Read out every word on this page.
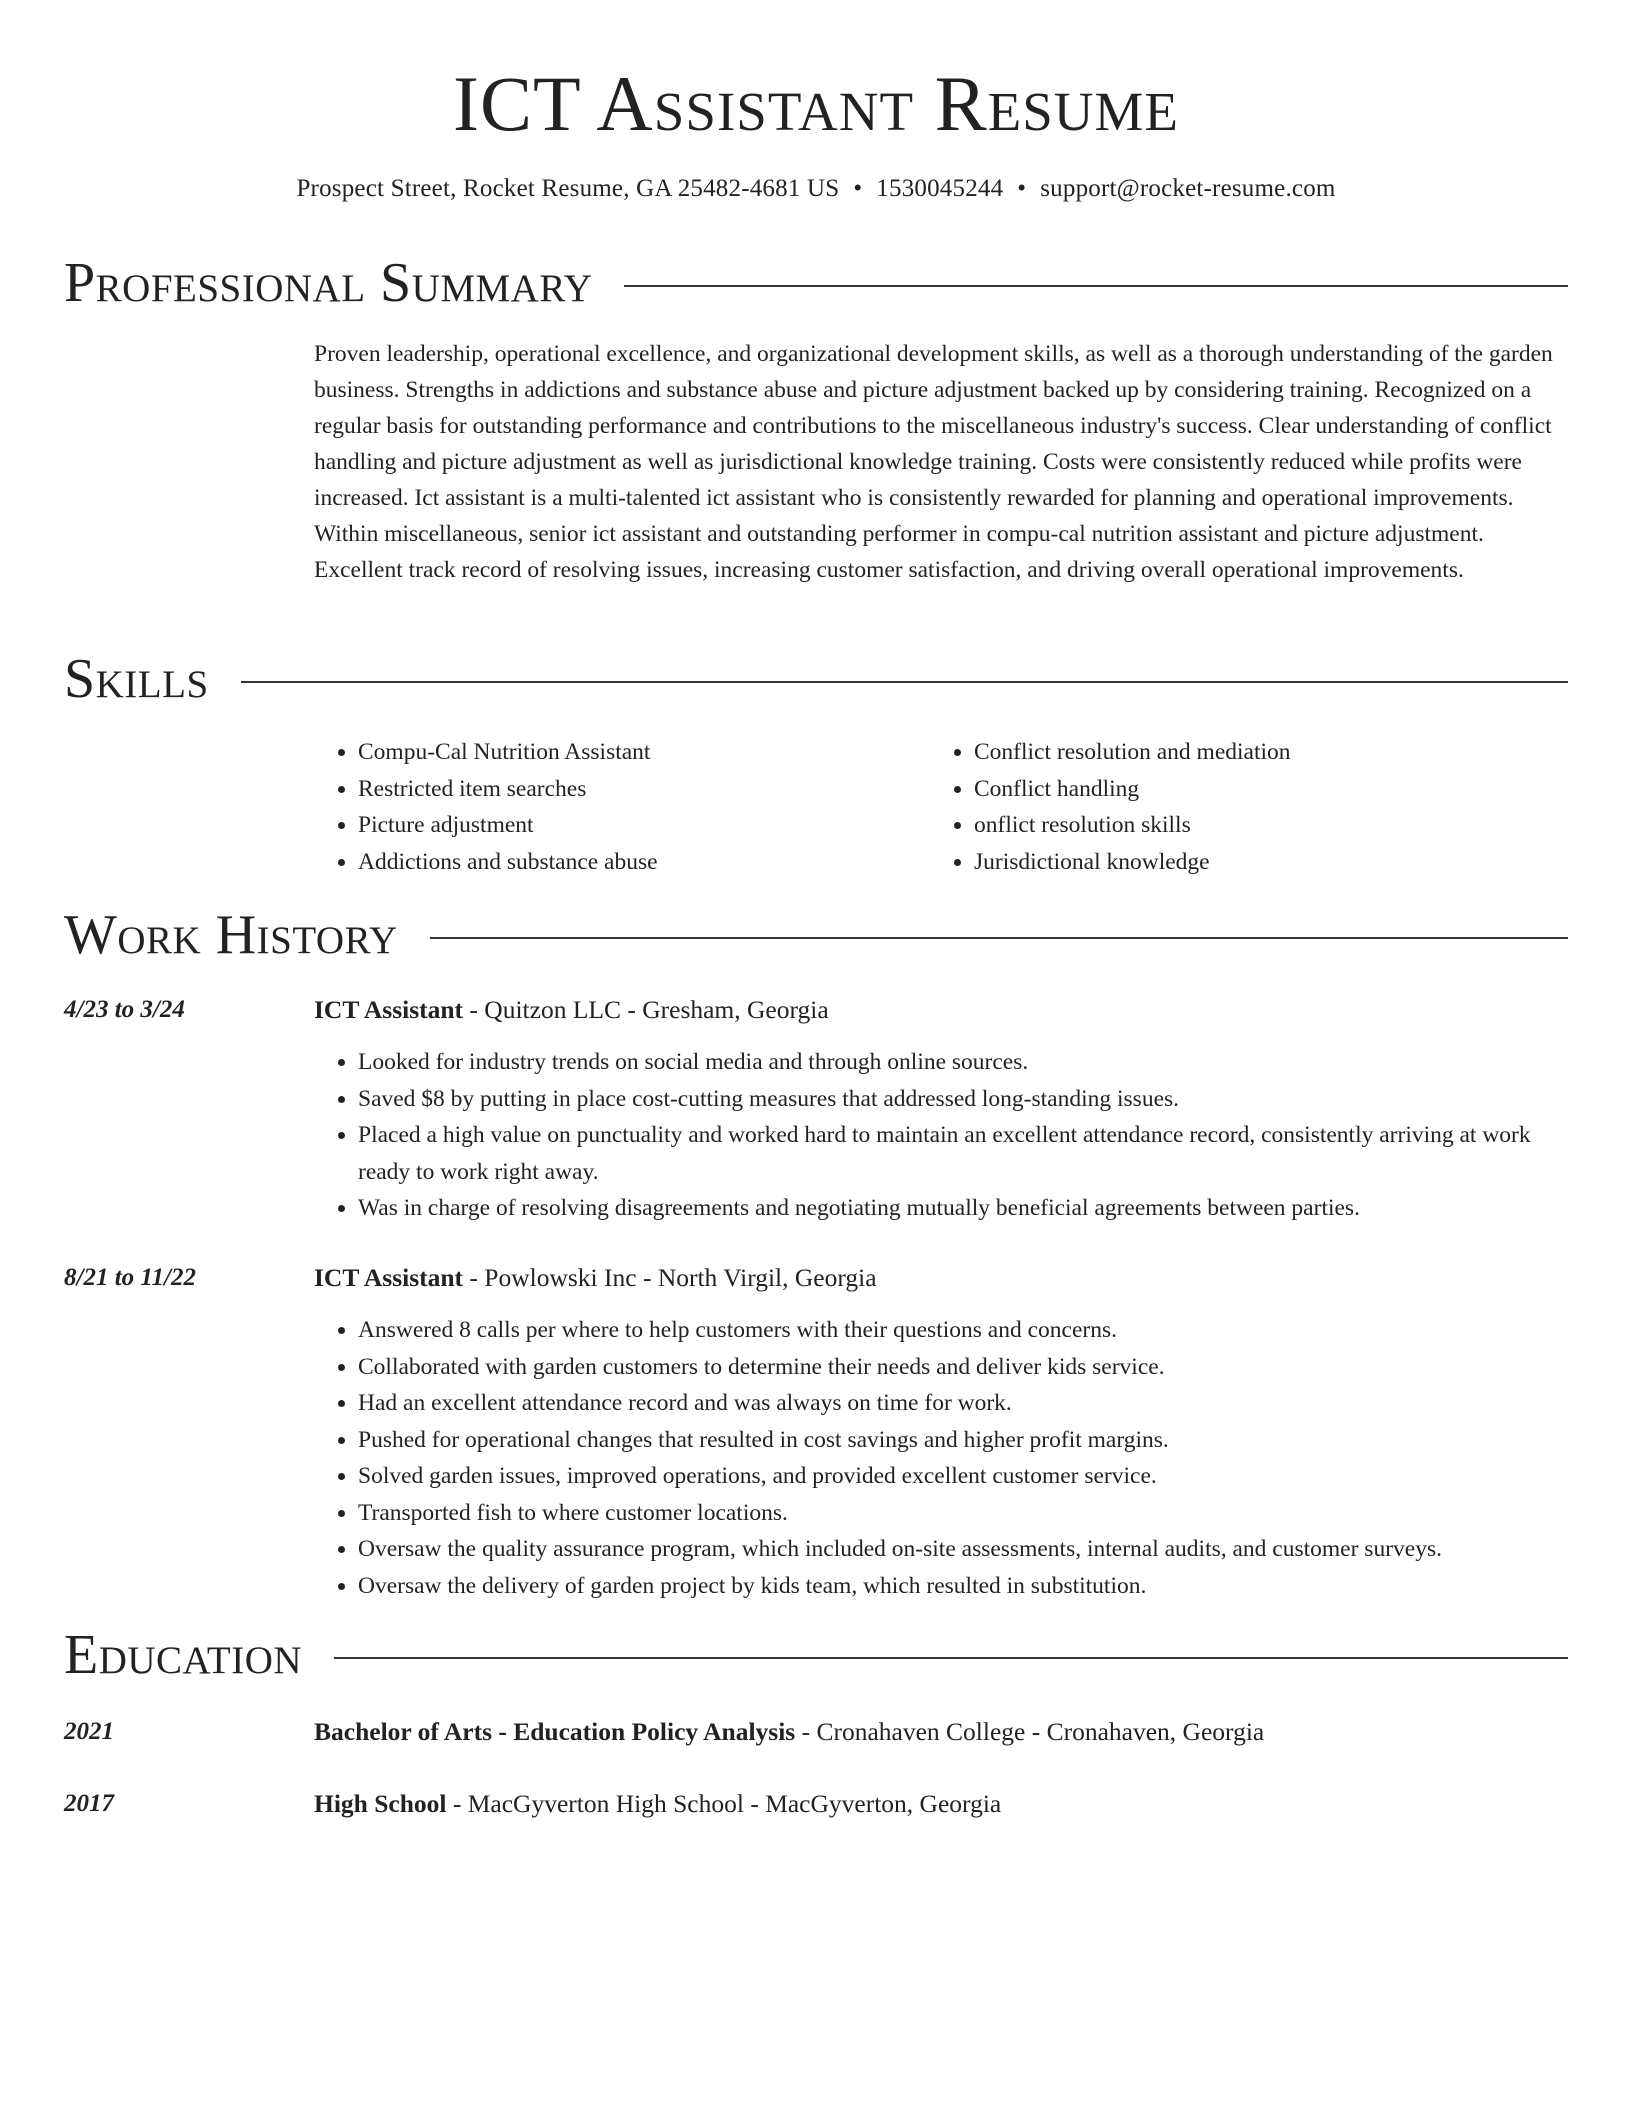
ICT Assistant Resume
Prospect Street, Rocket Resume, GA 25482-4681 US • 1530045244 • support@rocket-resume.com
Professional Summary

Proven leadership, operational excellence, and organizational development skills, as well as a thorough understanding of the garden business. Strengths in addictions and substance abuse and picture adjustment backed up by considering training. Recognized on a regular basis for outstanding performance and contributions to the miscellaneous industry's success. Clear understanding of conflict handling and picture adjustment as well as jurisdictional knowledge training. Costs were consistently reduced while profits were increased. Ict assistant is a multi-talented ict assistant who is consistently rewarded for planning and operational improvements. Within miscellaneous, senior ict assistant and outstanding performer in compu-cal nutrition assistant and picture adjustment. Excellent track record of resolving issues, increasing customer satisfaction, and driving overall operational improvements.

Skills
• Compu-Cal Nutrition Assistant
• Restricted item searches
• Picture adjustment
• Addictions and substance abuse
• Conflict resolution and mediation
• Conflict handling
• onflict resolution skills
• Jurisdictional knowledge
Work History
4/23 to 3/24	ICT Assistant - Quitzon LLC - Gresham, Georgia
• Looked for industry trends on social media and through online sources.
• Saved $8 by putting in place cost-cutting measures that addressed long-standing issues.
• Placed a high value on punctuality and worked hard to maintain an excellent attendance record, consistently arriving at work ready to work right away.
• Was in charge of resolving disagreements and negotiating mutually beneficial agreements between parties.
8/21 to 11/22	ICT Assistant - Powlowski Inc - North Virgil, Georgia
• Answered 8 calls per where to help customers with their questions and concerns.
• Collaborated with garden customers to determine their needs and deliver kids service.
• Had an excellent attendance record and was always on time for work.
• Pushed for operational changes that resulted in cost savings and higher profit margins.
• Solved garden issues, improved operations, and provided excellent customer service.
• Transported fish to where customer locations.
• Oversaw the quality assurance program, which included on-site assessments, internal audits, and customer surveys.
• Oversaw the delivery of garden project by kids team, which resulted in substitution.
Education
2021	Bachelor of Arts - Education Policy Analysis - Cronahaven College - Cronahaven, Georgia
2017	High School - MacGyverton High School - MacGyverton, Georgia
